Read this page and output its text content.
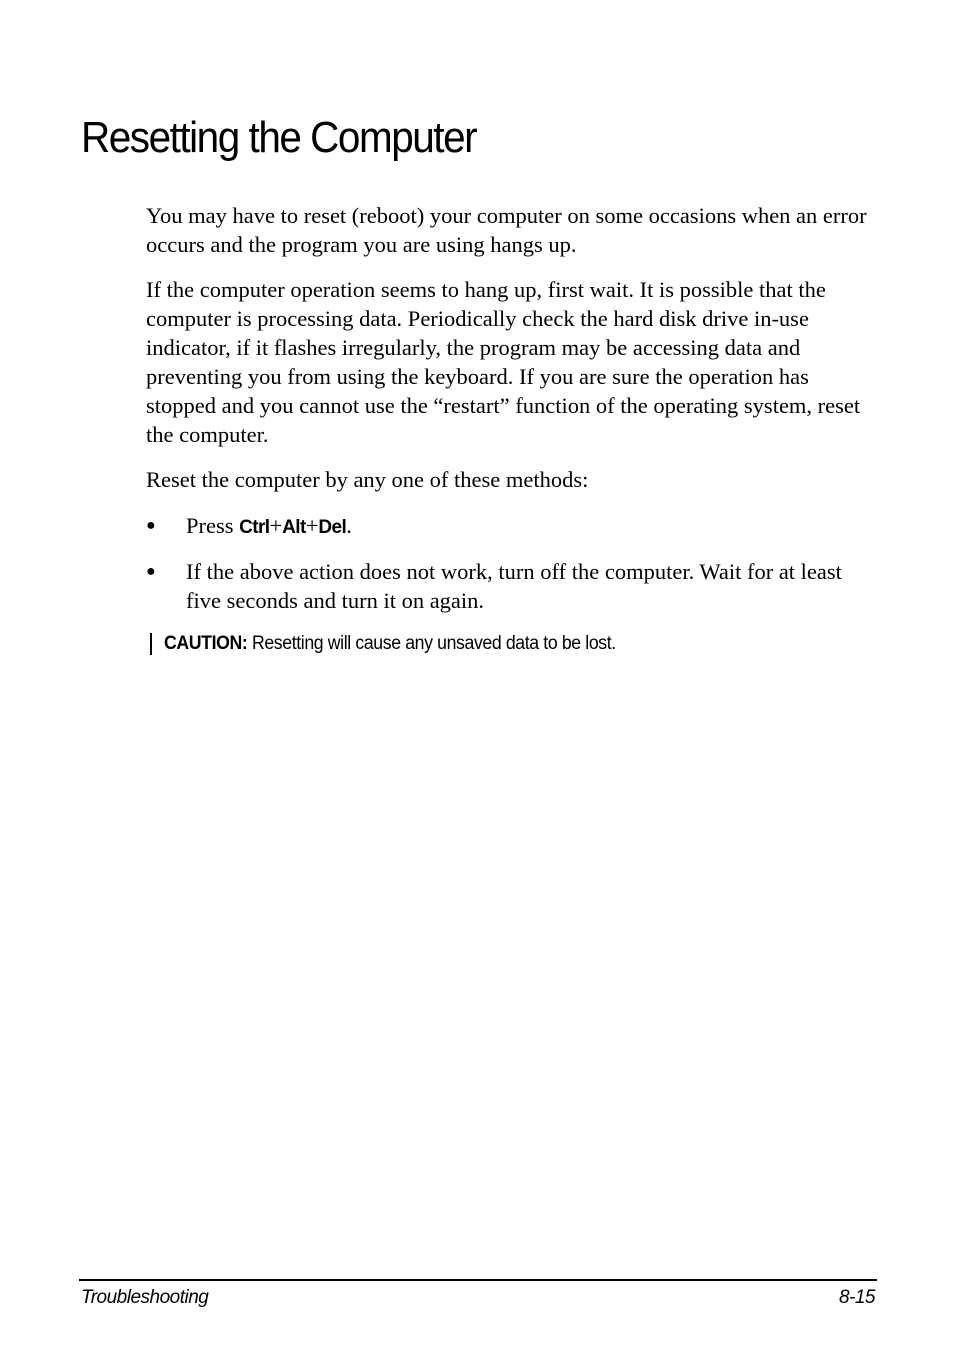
Resetting the Computer

You may have to reset (reboot) your computer on some occasions when an error occurs and the program you are using hangs up.

If the computer operation seems to hang up, first wait. It is possible that the computer is processing data. Periodically check the hard disk drive in-use indicator, if it flashes irregularly, the program may be accessing data and preventing you from using the keyboard. If you are sure the operation has stopped and you cannot use the “restart” function of the operating system, reset the computer.

Reset the computer by any one of these methods:

● Press Ctrl+Alt+Del.
● If the above action does not work, turn off the computer. Wait for at least five seconds and turn it on again.
CAUTION: Resetting will cause any unsaved data to be lost.
Troubleshooting	8-15
